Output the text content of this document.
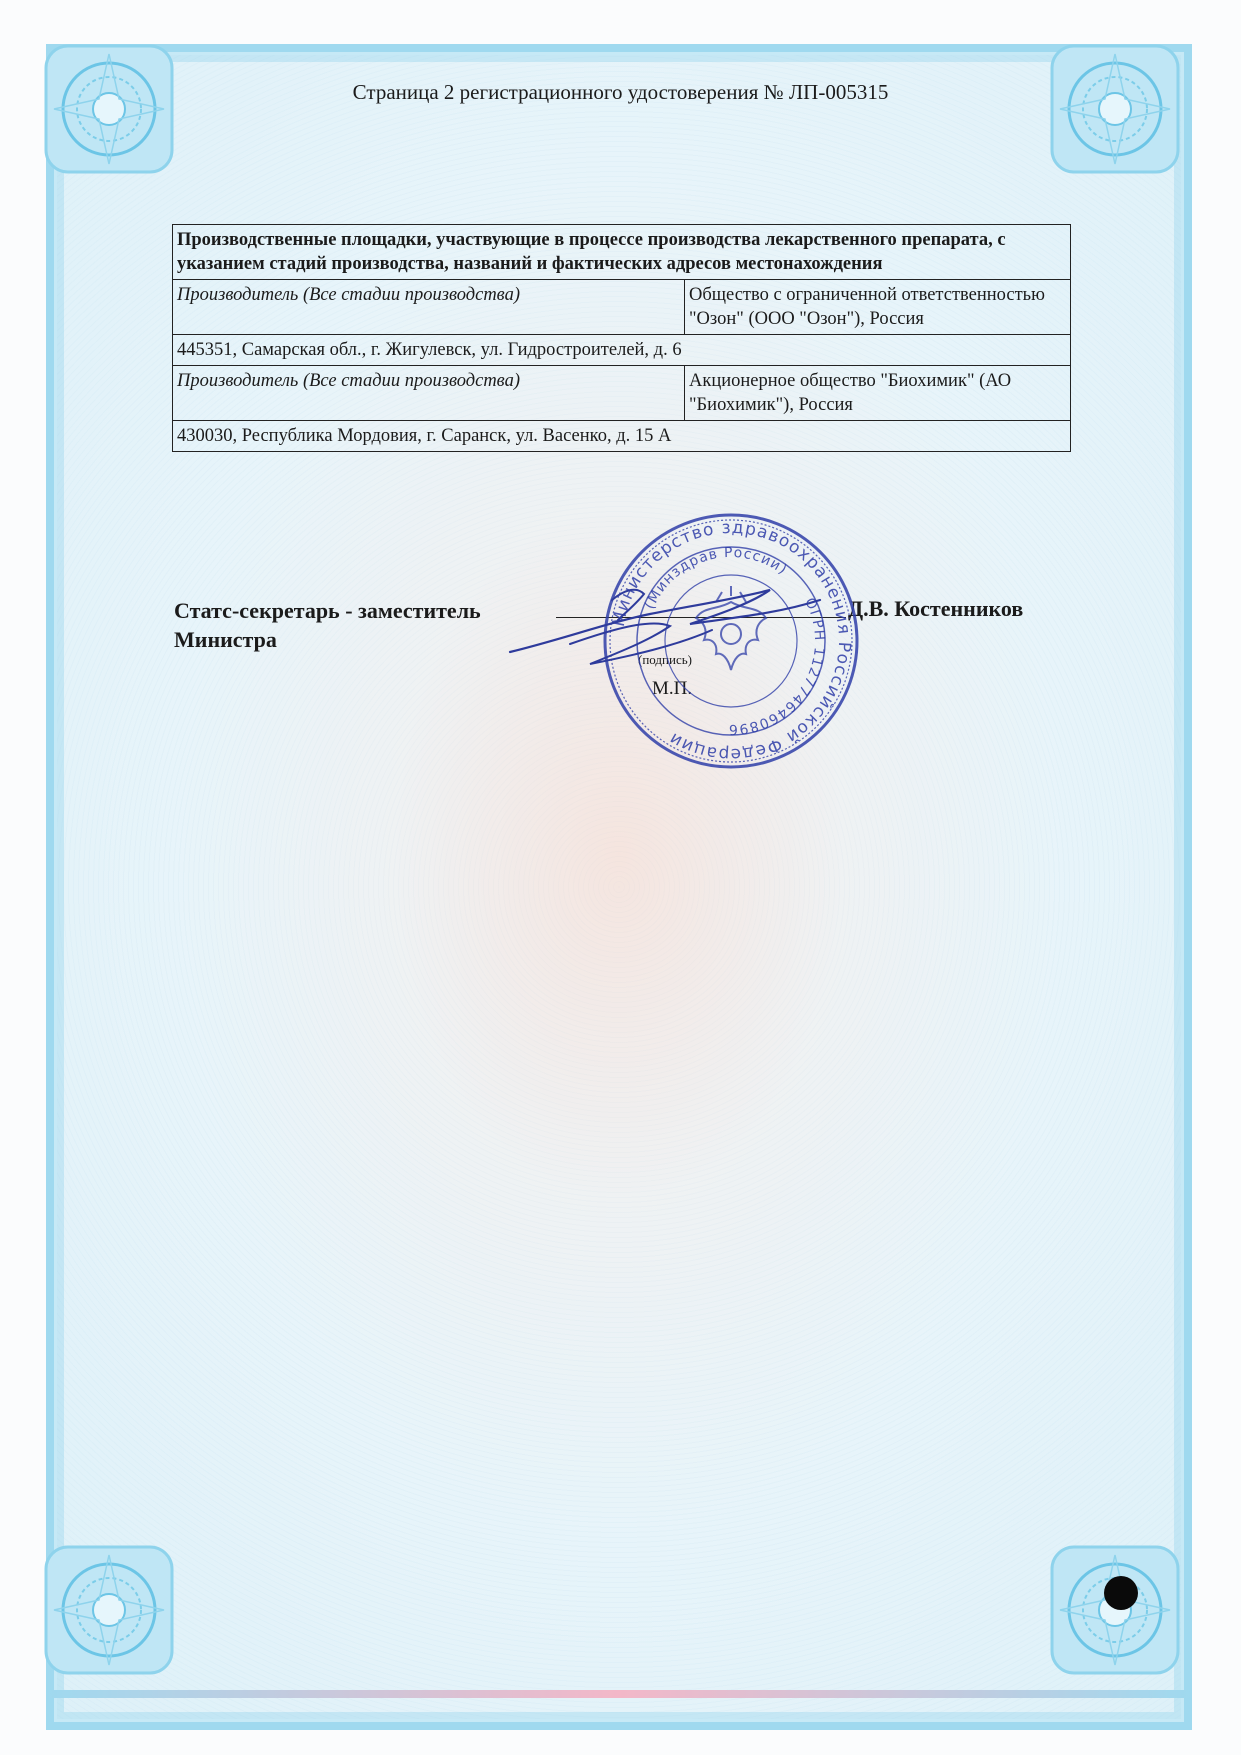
Страница 2 регистрационного удостоверения № ЛП-005315
Производственные площадки, участвующие в процессе производства лекарственного препарата, с указанием стадий производства, названий и фактических адресов местонахождения	
Производитель (Все стадии производства)	Общество с ограниченной ответственностью "Озон" (ООО "Озон"), Россия
445351, Самарская обл., г. Жигулевск, ул. Гидростроителей, д. 6	
Производитель (Все стадии производства)	Акционерное общество "Биохимик" (АО "Биохимик"), Россия
430030, Республика Мордовия, г. Саранск, ул. Васенко, д. 15 А	
Статс-секретарь - заместитель Министра
Д.В. Костенников
(подпись)
М.П.
Министерство здравоохранения Российской Федерации
(Минздрав России)
ОГРН 1127746460896
